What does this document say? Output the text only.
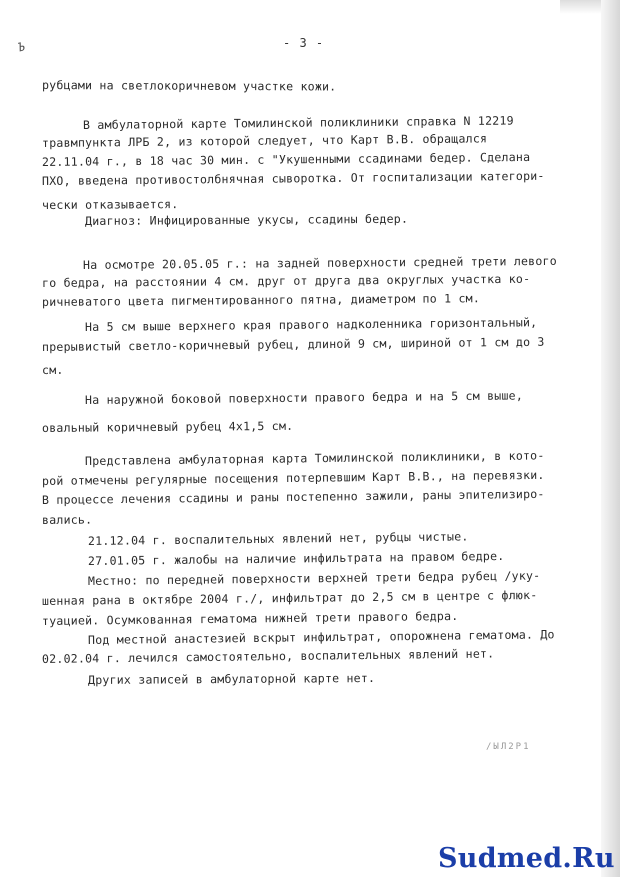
Ъ	- 3 -
рубцами на светлокоричневом участке кожи.
В амбулаторной карте Томилинской поликлиники справка N 12219
травмпункта ЛРБ 2, из которой следует, что Карт В.В. обращался
22.11.04 г., в 18 час 30 мин. с "Укушенными ссадинами бедер. Сделана
ПХО, введена противостолбнячная сыворотка. От госпитализации категори-
чески отказывается.
Диагноз: Инфицированные укусы, ссадины бедер.
На осмотре 20.05.05 г.: на задней поверхности средней трети левого
го бедра, на расстоянии 4 см. друг от друга два округлых участка ко-
ричневатого цвета пигментированного пятна, диаметром по 1 см.
На 5 см выше верхнего края правого надколенника горизонтальный,
прерывистый светло-коричневый рубец, длиной 9 см, шириной от 1 см до 3
см.
На наружной боковой поверхности правого бедра и на 5 см выше,
овальный коричневый рубец 4х1,5 см.
Представлена амбулаторная карта Томилинской поликлиники, в кото-
рой отмечены регулярные посещения потерпевшим Карт В.В., на перевязки.
В процессе лечения ссадины и раны постепенно зажили, раны эпителизиро-
вались.
21.12.04 г. воспалительных явлений нет, рубцы чистые.
27.01.05 г. жалобы на наличие инфильтрата на правом бедре.
Местно: по передней поверхности верхней трети бедра рубец /уку-
шенная рана в октябре 2004 г./, инфильтрат до 2,5 см в центре с флюк-
туацией. Осумкованная гематома нижней трети правого бедра.
Под местной анастезией вскрыт инфильтрат, опорожнена гематома. До
02.02.04 г. лечился самостоятельно, воспалительных явлений нет.
Других записей в амбулаторной карте нет.
/ЫЛ2Р1
Sudmed.Ru
